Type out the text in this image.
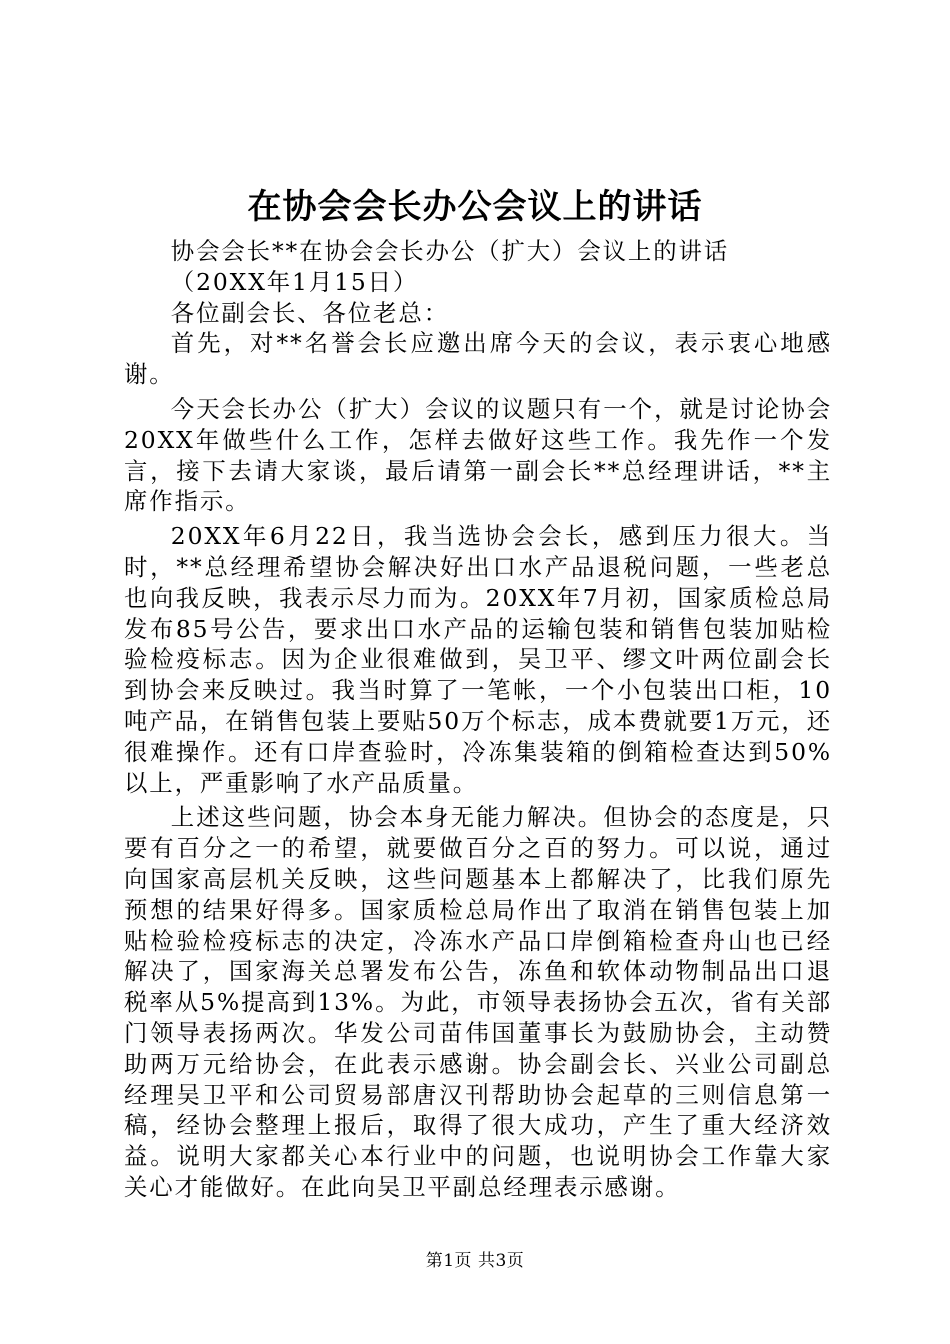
在协会会长办公会议上的讲话

协会会长**在协会会长办公（扩大）会议上的讲话

（20XX年1月15日）

各位副会长、各位老总：

首先，对**名誉会长应邀出席今天的会议，表示衷心地感谢。

今天会长办公（扩大）会议的议题只有一个，就是讨论协会20XX年做些什么工作，怎样去做好这些工作。我先作一个发言，接下去请大家谈，最后请第一副会长**总经理讲话，**主席作指示。

20XX年6月22日，我当选协会会长，感到压力很大。当时，**总经理希望协会解决好出口水产品退税问题，一些老总也向我反映，我表示尽力而为。20XX年7月初，国家质检总局发布85号公告，要求出口水产品的运输包装和销售包装加贴检验检疫标志。因为企业很难做到，吴卫平、缪文叶两位副会长到协会来反映过。我当时算了一笔帐，一个小包装出口柜，10吨产品，在销售包装上要贴50万个标志，成本费就要1万元，还很难操作。还有口岸查验时，冷冻集装箱的倒箱检查达到50%以上，严重影响了水产品质量。

上述这些问题，协会本身无能力解决。但协会的态度是，只要有百分之一的希望，就要做百分之百的努力。可以说，通过向国家高层机关反映，这些问题基本上都解决了，比我们原先预想的结果好得多。国家质检总局作出了取消在销售包装上加贴检验检疫标志的决定，冷冻水产品口岸倒箱检查舟山也已经解决了，国家海关总署发布公告，冻鱼和软体动物制品出口退税率从5%提高到13%。为此，市领导表扬协会五次，省有关部门领导表扬两次。华发公司苗伟国董事长为鼓励协会，主动赞助两万元给协会，在此表示感谢。协会副会长、兴业公司副总经理吴卫平和公司贸易部唐汉刊帮助协会起草的三则信息第一稿，经协会整理上报后，取得了很大成功，产生了重大经济效益。说明大家都关心本行业中的问题，也说明协会工作靠大家关心才能做好。在此向吴卫平副总经理表示感谢。

第1页 共3页
